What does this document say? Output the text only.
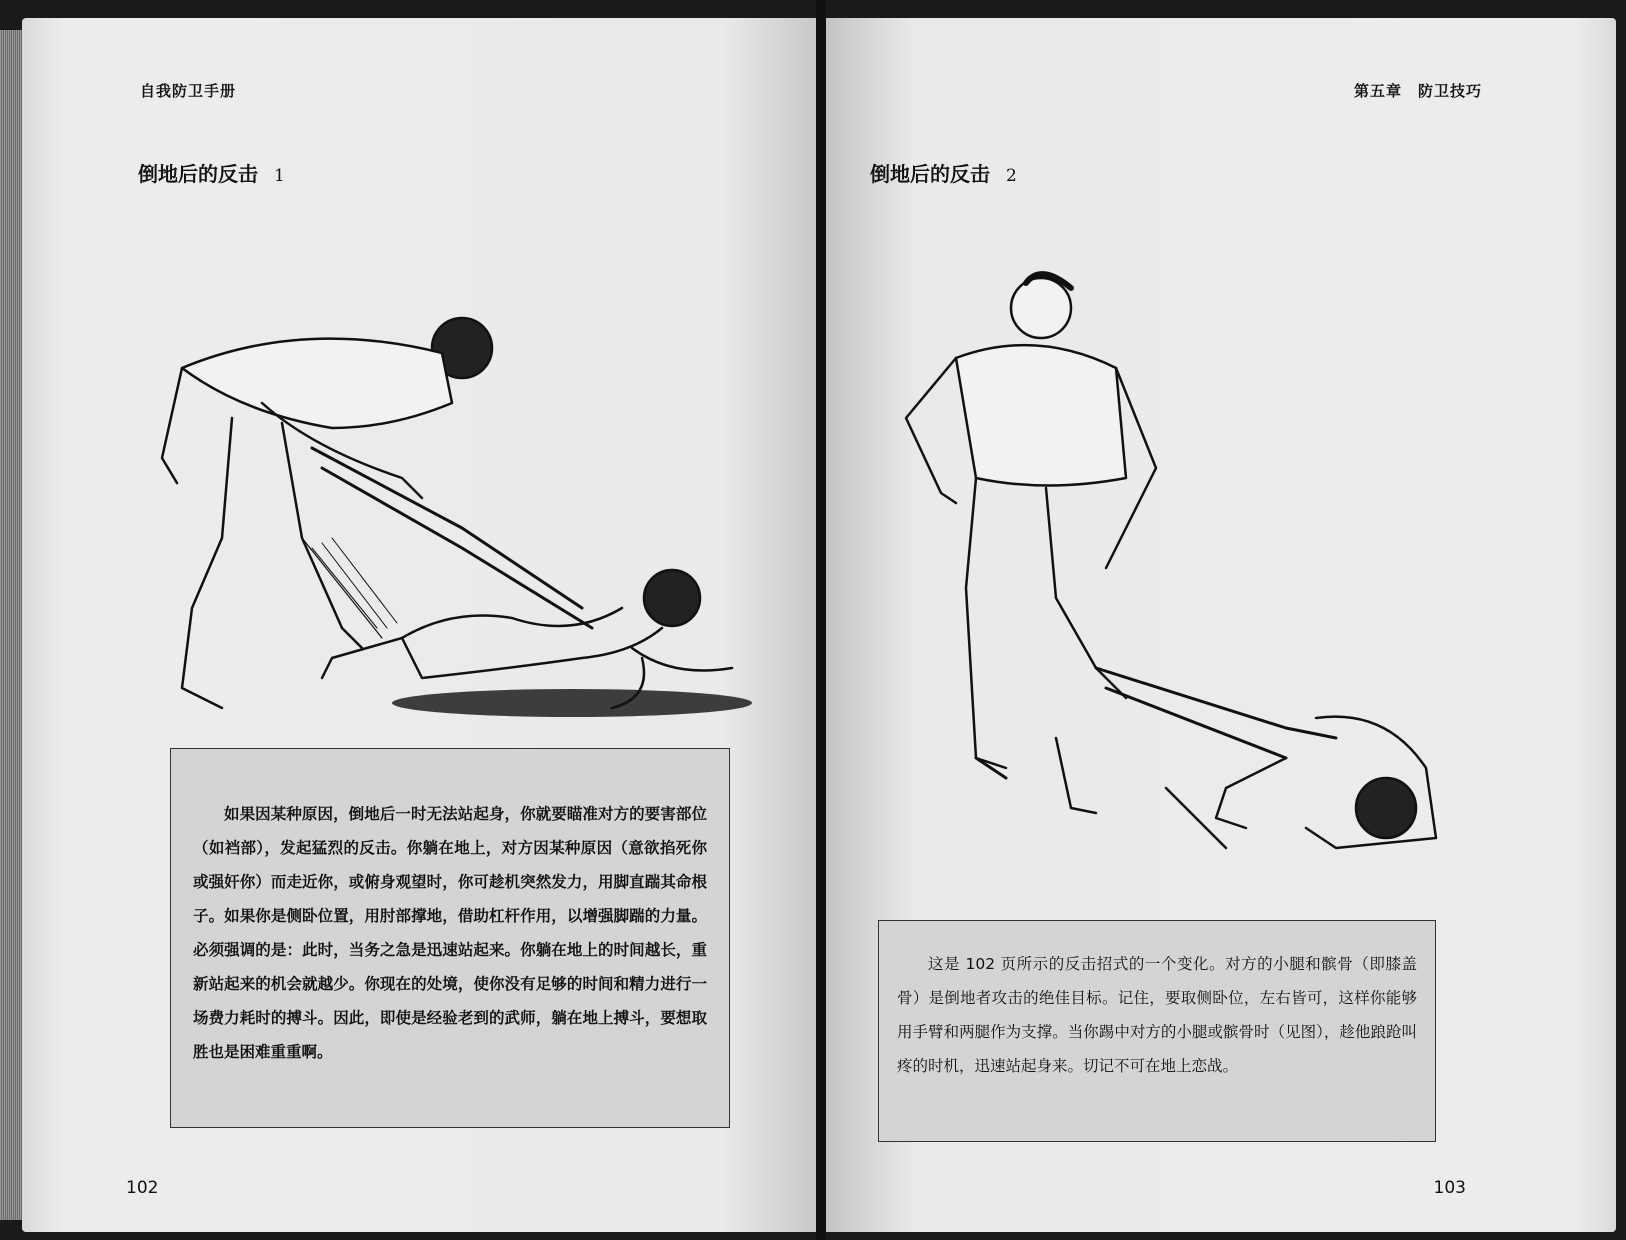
自我防卫手册
倒地后的反击 1

如果因某种原因，倒地后一时无法站起身，你就要瞄准对方的要害部位（如裆部），发起猛烈的反击。你躺在地上，对方因某种原因（意欲掐死你或强奸你）而走近你，或俯身观望时，你可趁机突然发力，用脚直踹其命根子。如果你是侧卧位置，用肘部撑地，借助杠杆作用，以增强脚踹的力量。必须强调的是：此时，当务之急是迅速站起来。你躺在地上的时间越长，重新站起来的机会就越少。你现在的处境，使你没有足够的时间和精力进行一场费力耗时的搏斗。因此，即使是经验老到的武师，躺在地上搏斗，要想取胜也是困难重重啊。

102
第五章　防卫技巧
倒地后的反击 2

这是 102 页所示的反击招式的一个变化。对方的小腿和髌骨（即膝盖骨）是倒地者攻击的绝佳目标。记住，要取侧卧位，左右皆可，这样你能够用手臂和两腿作为支撑。当你踢中对方的小腿或髌骨时（见图），趁他踉跄叫疼的时机，迅速站起身来。切记不可在地上恋战。

103
